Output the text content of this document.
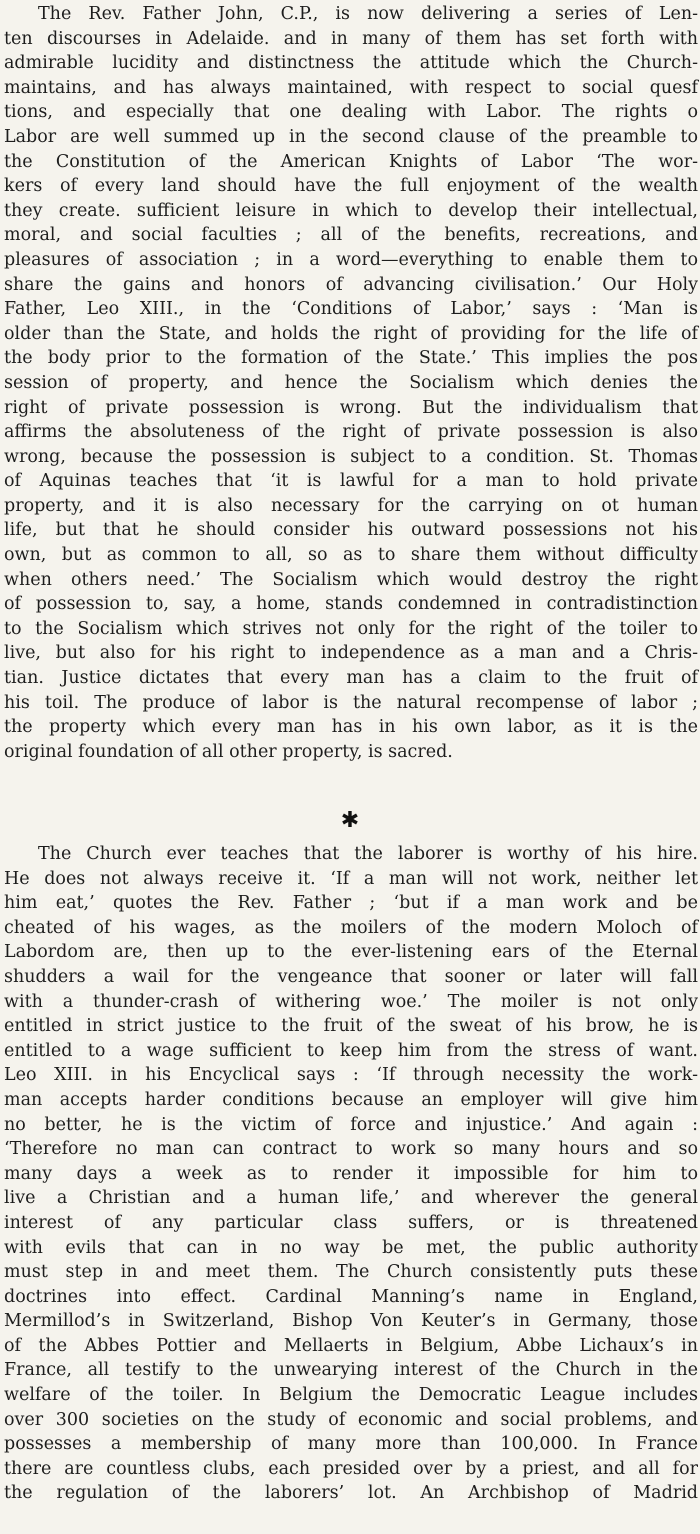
The Rev. Father John, C.P., is now delivering a series of Len-
ten discourses in Adelaide. and in many of them has set forth with
admirable lucidity and distinctness the attitude which the Church-
maintains, and has always maintained, with respect to social quesf
tions, and especially that one dealing with Labor. The rights o
Labor are well summed up in the second clause of the preamble to
the Constitution of the American Knights of Labor ‘The wor-
kers of every land should have the full enjoyment of the wealth
they create. sufficient leisure in which to develop their intellectual,
moral, and social faculties ; all of the benefits, recreations, and
pleasures of association ; in a word—everything to enable them to
share the gains and honors of advancing civilisation.’ Our Holy
Father, Leo XIII., in the ‘Conditions of Labor,’ says : ‘Man is
older than the State, and holds the right of providing for the life of
the body prior to the formation of the State.’ This implies the pos
session of property, and hence the Socialism which denies the
right of private possession is wrong. But the individualism that
affirms the absoluteness of the right of private possession is also
wrong, because the possession is subject to a condition. St. Thomas
of Aquinas teaches that ‘it is lawful for a man to hold private
property, and it is also necessary for the carrying on ot human
life, but that he should consider his outward possessions not his
own, but as common to all, so as to share them without difficulty
when others need.’ The Socialism which would destroy the right
of possession to, say, a home, stands condemned in contradistinction
to the Socialism which strives not only for the right of the toiler to
live, but also for his right to independence as a man and a Chris-
tian. Justice dictates that every man has a claim to the fruit of
his toil. The produce of labor is the natural recompense of labor ;
the property which every man has in his own labor, as it is the
original foundation of all other property, is sacred.
✱
The Church ever teaches that the laborer is worthy of his hire.
He does not always receive it. ‘If a man will not work, neither let
him eat,’ quotes the Rev. Father ; ‘but if a man work and be
cheated of his wages, as the moilers of the modern Moloch of
Labordom are, then up to the ever-listening ears of the Eternal
shudders a wail for the vengeance that sooner or later will fall
with a thunder-crash of withering woe.’ The moiler is not only
entitled in strict justice to the fruit of the sweat of his brow, he is
entitled to a wage sufficient to keep him from the stress of want.
Leo XIII. in his Encyclical says : ‘If through necessity the work-
man accepts harder conditions because an employer will give him
no better, he is the victim of force and injustice.’ And again :
‘Therefore no man can contract to work so many hours and so
many days a week as to render it impossible for him to
live a Christian and a human life,’ and wherever the general
interest of any particular class suffers, or is threatened
with evils that can in no way be met, the public authority
must step in and meet them. The Church consistently puts these
doctrines into effect. Cardinal Manning’s name in England,
Mermillod’s in Switzerland, Bishop Von Keuter’s in Germany, those
of the Abbes Pottier and Mellaerts in Belgium, Abbe Lichaux’s in
France, all testify to the unwearying interest of the Church in the
welfare of the toiler. In Belgium the Democratic League includes
over 300 societies on the study of economic and social problems, and
possesses a membership of many more than 100,000. In France
there are countless clubs, each presided over by a priest, and all for
the regulation of the laborers’ lot. An Archbishop of Madrid
